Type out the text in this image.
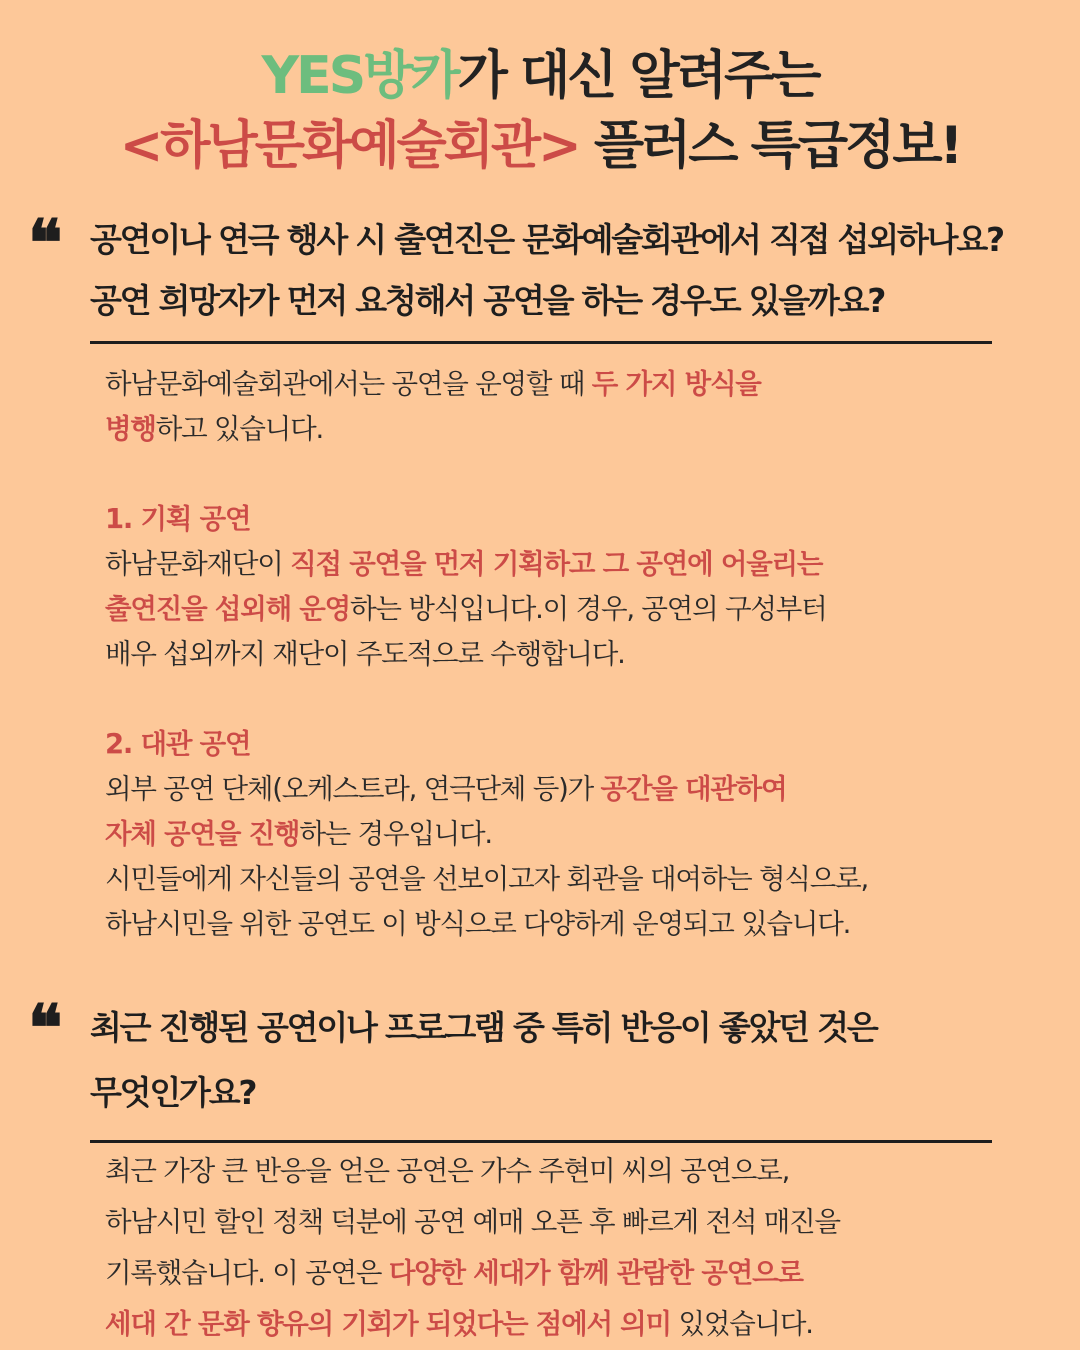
YES방카가 대신 알려주는
<하남문화예술회관> 플러스 특급정보!
❝ 공연이나 연극 행사 시 출연진은 문화예술회관에서 직접 섭외하나요?
공연 희망자가 먼저 요청해서 공연을 하는 경우도 있을까요?

하남문화예술회관에서는 공연을 운영할 때 두 가지 방식을

병행하고 있습니다.

1. 기획 공연

하남문화재단이 직접 공연을 먼저 기획하고 그 공연에 어울리는

출연진을 섭외해 운영하는 방식입니다.이 경우, 공연의 구성부터

배우 섭외까지 재단이 주도적으로 수행합니다.

2. 대관 공연

외부 공연 단체(오케스트라, 연극단체 등)가 공간을 대관하여

자체 공연을 진행하는 경우입니다.

시민들에게 자신들의 공연을 선보이고자 회관을 대여하는 형식으로,

하남시민을 위한 공연도 이 방식으로 다양하게 운영되고 있습니다.

❝ 최근 진행된 공연이나 프로그램 중 특히 반응이 좋았던 것은
무엇인가요?

최근 가장 큰 반응을 얻은 공연은 가수 주현미 씨의 공연으로,

하남시민 할인 정책 덕분에 공연 예매 오픈 후 빠르게 전석 매진을

기록했습니다. 이 공연은 다양한 세대가 함께 관람한 공연으로

세대 간 문화 향유의 기회가 되었다는 점에서 의미 있었습니다.
